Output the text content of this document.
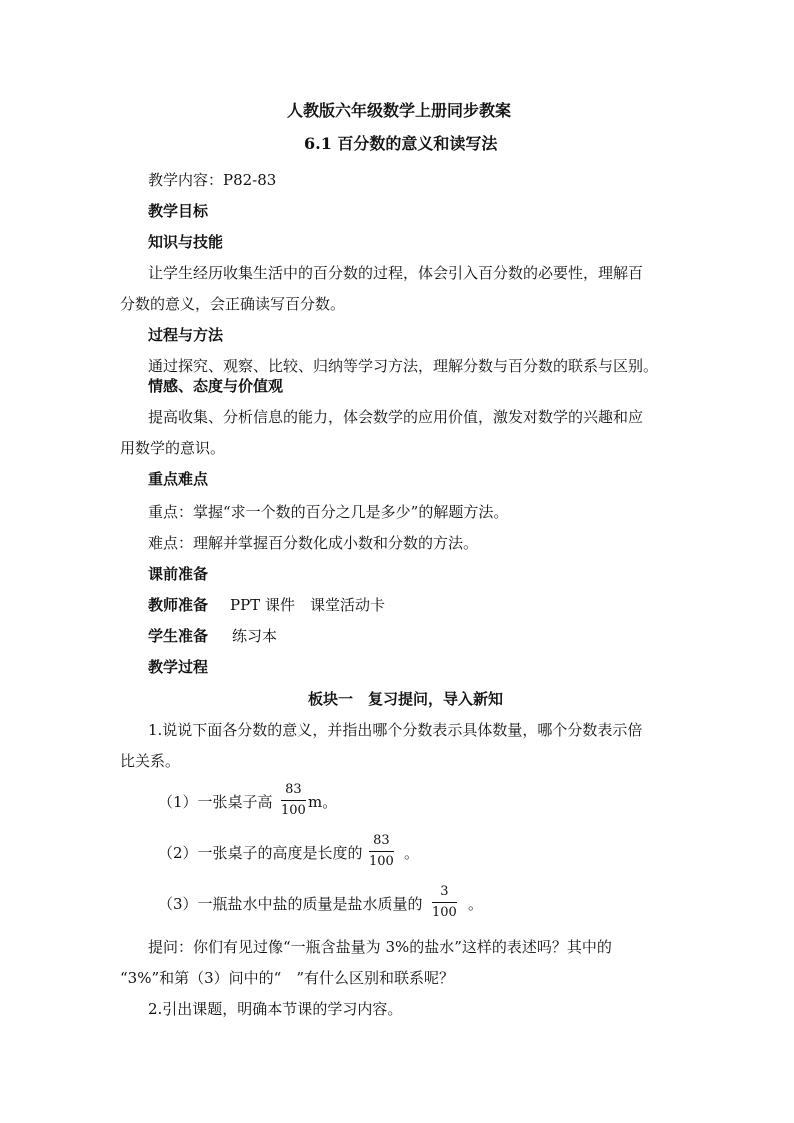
人教版六年级数学上册同步教案
6.1 百分数的意义和读写法
教学内容：P82-83
教学目标
知识与技能
让学生经历收集生活中的百分数的过程，体会引入百分数的必要性，理解百
分数的意义，会正确读写百分数。
过程与方法
通过探究、观察、比较、归纳等学习方法，理解分数与百分数的联系与区别。
情感、态度与价值观
提高收集、分析信息的能力，体会数学的应用价值，激发对数学的兴趣和应
用数学的意识。
重点难点
重点：掌握“求一个数的百分之几是多少”的解题方法。
难点：理解并掌握百分数化成小数和分数的方法。
课前准备
教师准备 PPT 课件　课堂活动卡
学生准备 练习本
教学过程
板块一　复习提问，导入新知
1.说说下面各分数的意义，并指出哪个分数表示具体数量，哪个分数表示倍
比关系。
（1）一张桌子高 $\frac{83}{100}$ m。
（2）一张桌子的高度是长度的 $\frac{83}{100}$ 。
（3）一瓶盐水中盐的质量是盐水质量的 $\frac{3}{100}$ 。
提问：你们有见过像“一瓶含盐量为 3%的盐水”这样的表述吗？其中的
“3%”和第（3）问中的“　”有什么区别和联系呢？
2.引出课题，明确本节课的学习内容。
